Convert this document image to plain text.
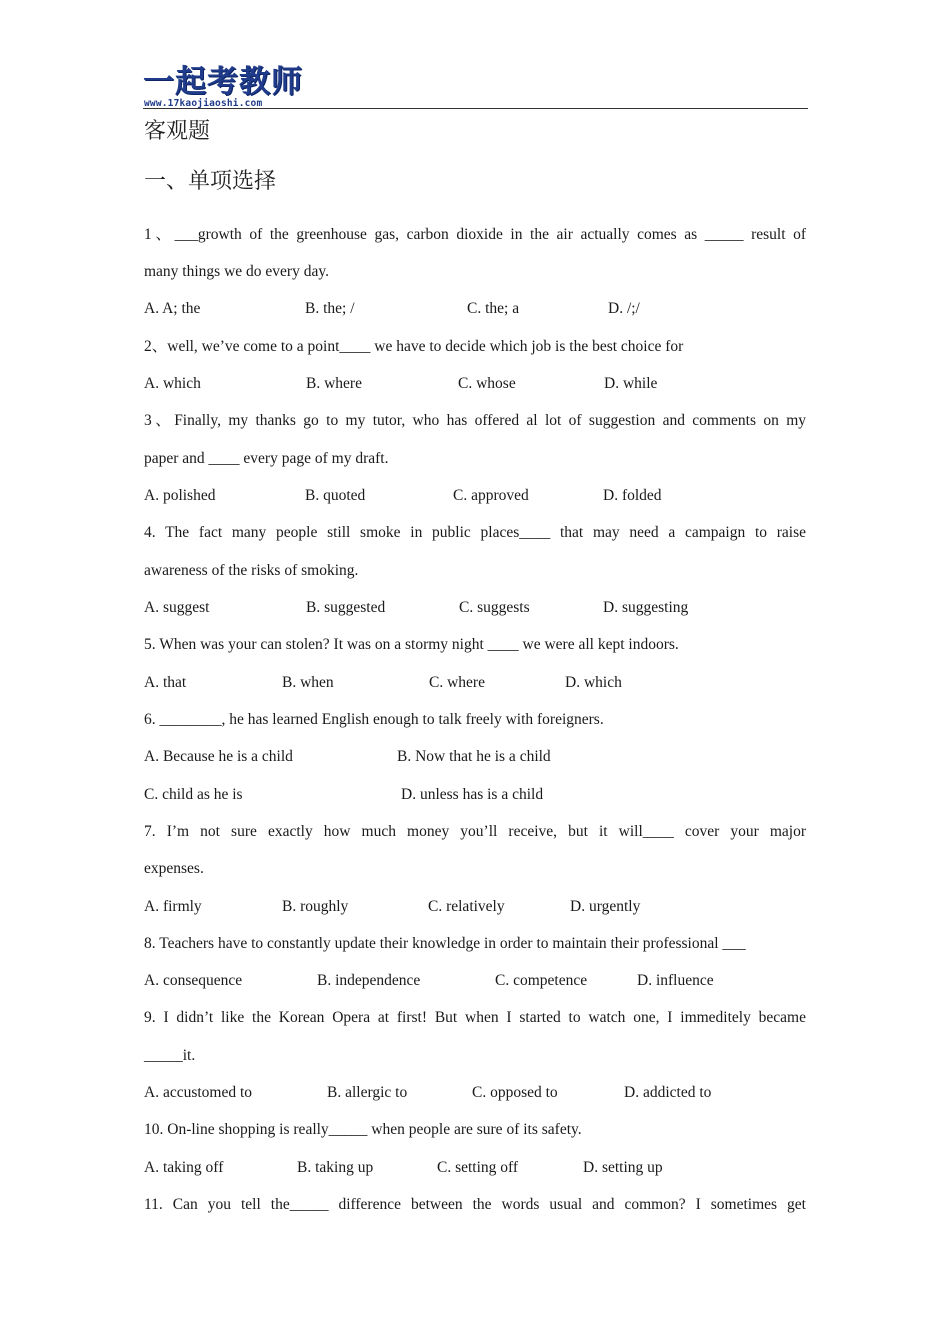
一起考教师
www.17kaojiaoshi.com
客观题
一、单项选择
1、___growth of the greenhouse gas, carbon dioxide in the air actually comes as _____ result of
many things we do every day.
A. A; the	B. the; /	C. the; a	D. /;/
2、well, we’ve come to a point____ we have to decide which job is the best choice for
A. which	B. where	C. whose	D. while
3、Finally, my thanks go to my tutor, who has offered al lot of suggestion and comments on my
paper and ____ every page of my draft.
A. polished	B. quoted	C. approved	D. folded
4. The fact many people still smoke in public places____ that may need a campaign to raise
awareness of the risks of smoking.
A. suggest	B. suggested	C. suggests	D. suggesting
5. When was your can stolen? It was on a stormy night ____ we were all kept indoors.
A. that	B. when	C. where	D. which
6. ________, he has learned English enough to talk freely with foreigners.
A. Because he is a child	B. Now that he is a child
C. child as he is	D. unless has is a child
7. I’m not sure exactly how much money you’ll receive, but it will____ cover your major
expenses.
A. firmly	B. roughly	C. relatively	D. urgently
8. Teachers have to constantly update their knowledge in order to maintain their professional ___
A. consequence	B. independence	C. competence	D. influence
9. I didn’t like the Korean Opera at first! But when I started to watch one, I immeditely became
_____it.
A. accustomed to	B. allergic to	C. opposed to	D. addicted to
10. On-line shopping is really_____ when people are sure of its safety.
A. taking off	B. taking up	C. setting off	D. setting up
11. Can you tell the_____ difference between the words usual and common? I sometimes get
